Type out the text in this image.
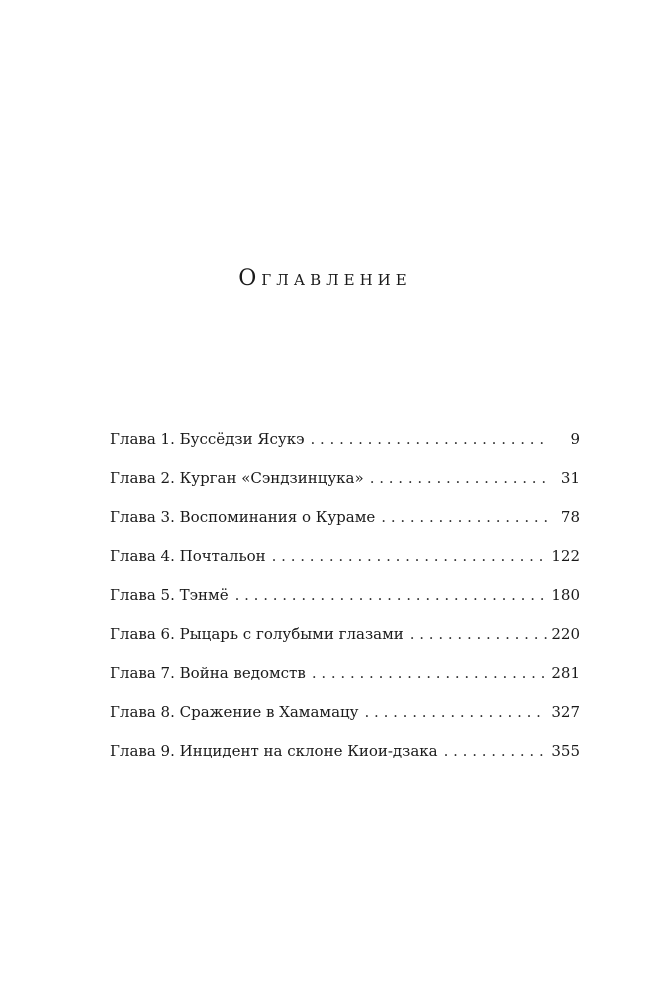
Оглавление
Глава 1. Буссёдзи Ясукэ . . .	9
Глава 2. Курган «Сэндзинцука» . . .	31
Глава 3. Воспоминания о Кураме . . .	78
Глава 4. Почтальон . . .	122
Глава 5. Тэнмё . . .	180
Глава 6. Рыцарь с голубыми глазами . . .	220
Глава 7. Война ведомств . . .	281
Глава 8. Сражение в Хамамацу . . .	327
Глава 9. Инцидент на склоне Киои-дзака . . .	355
